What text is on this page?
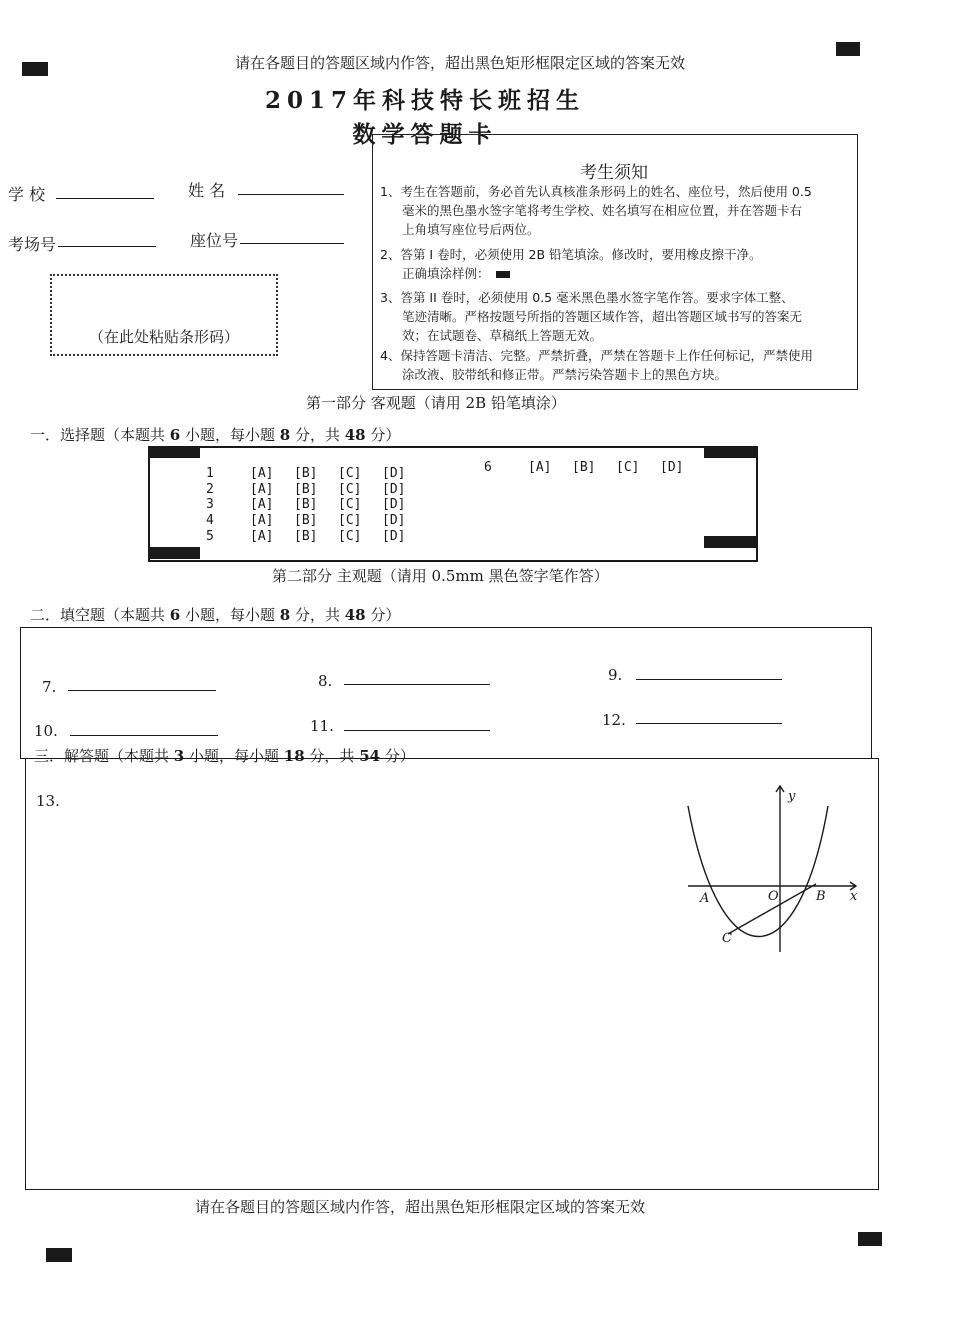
请在各题目的答题区域内作答，超出黑色矩形框限定区域的答案无效
2017年科技特长班招生
数学答题卡
学 校	姓 名
考场号	座位号
（在此处粘贴条形码）
考生须知
1、考生在答题前，务必首先认真核准条形码上的姓名、座位号，然后使用 0.5
毫米的黑色墨水签字笔将考生学校、姓名填写在相应位置，并在答题卡右
上角填写座位号后两位。
2、答第 I 卷时，必须使用 2B 铅笔填涂。修改时，要用橡皮擦干净。
正确填涂样例：
3、答第 II 卷时，必须使用 0.5 毫米黑色墨水签字笔作答。要求字体工整、
笔迹清晰。严格按题号所指的答题区域作答，超出答题区域书写的答案无
效；在试题卷、草稿纸上答题无效。
4、保持答题卡清洁、完整。严禁折叠，严禁在答题卡上作任何标记，严禁使用
涂改液、胶带纸和修正带。严禁污染答题卡上的黑色方块。
第一部分 客观题（请用 2B 铅笔填涂）
一．选择题（本题共 6 小题，每小题 8 分，共 48 分）
1	[A] [B] [C] [D]
2	[A] [B] [C] [D]
3	[A] [B] [C] [D]
4	[A] [B] [C] [D]
5	[A] [B] [C] [D]
6	[A] [B] [C] [D]
第二部分 主观题（请用 0.5mm 黑色签字笔作答）
二．填空题（本题共 6 小题，每小题 8 分，共 48 分）
7.	8.	9.
10.	11.	12.
三．解答题（本题共 3 小题，每小题 18 分，共 54 分）
13.	y
x
A	O	B
C
请在各题目的答题区域内作答，超出黑色矩形框限定区域的答案无效
